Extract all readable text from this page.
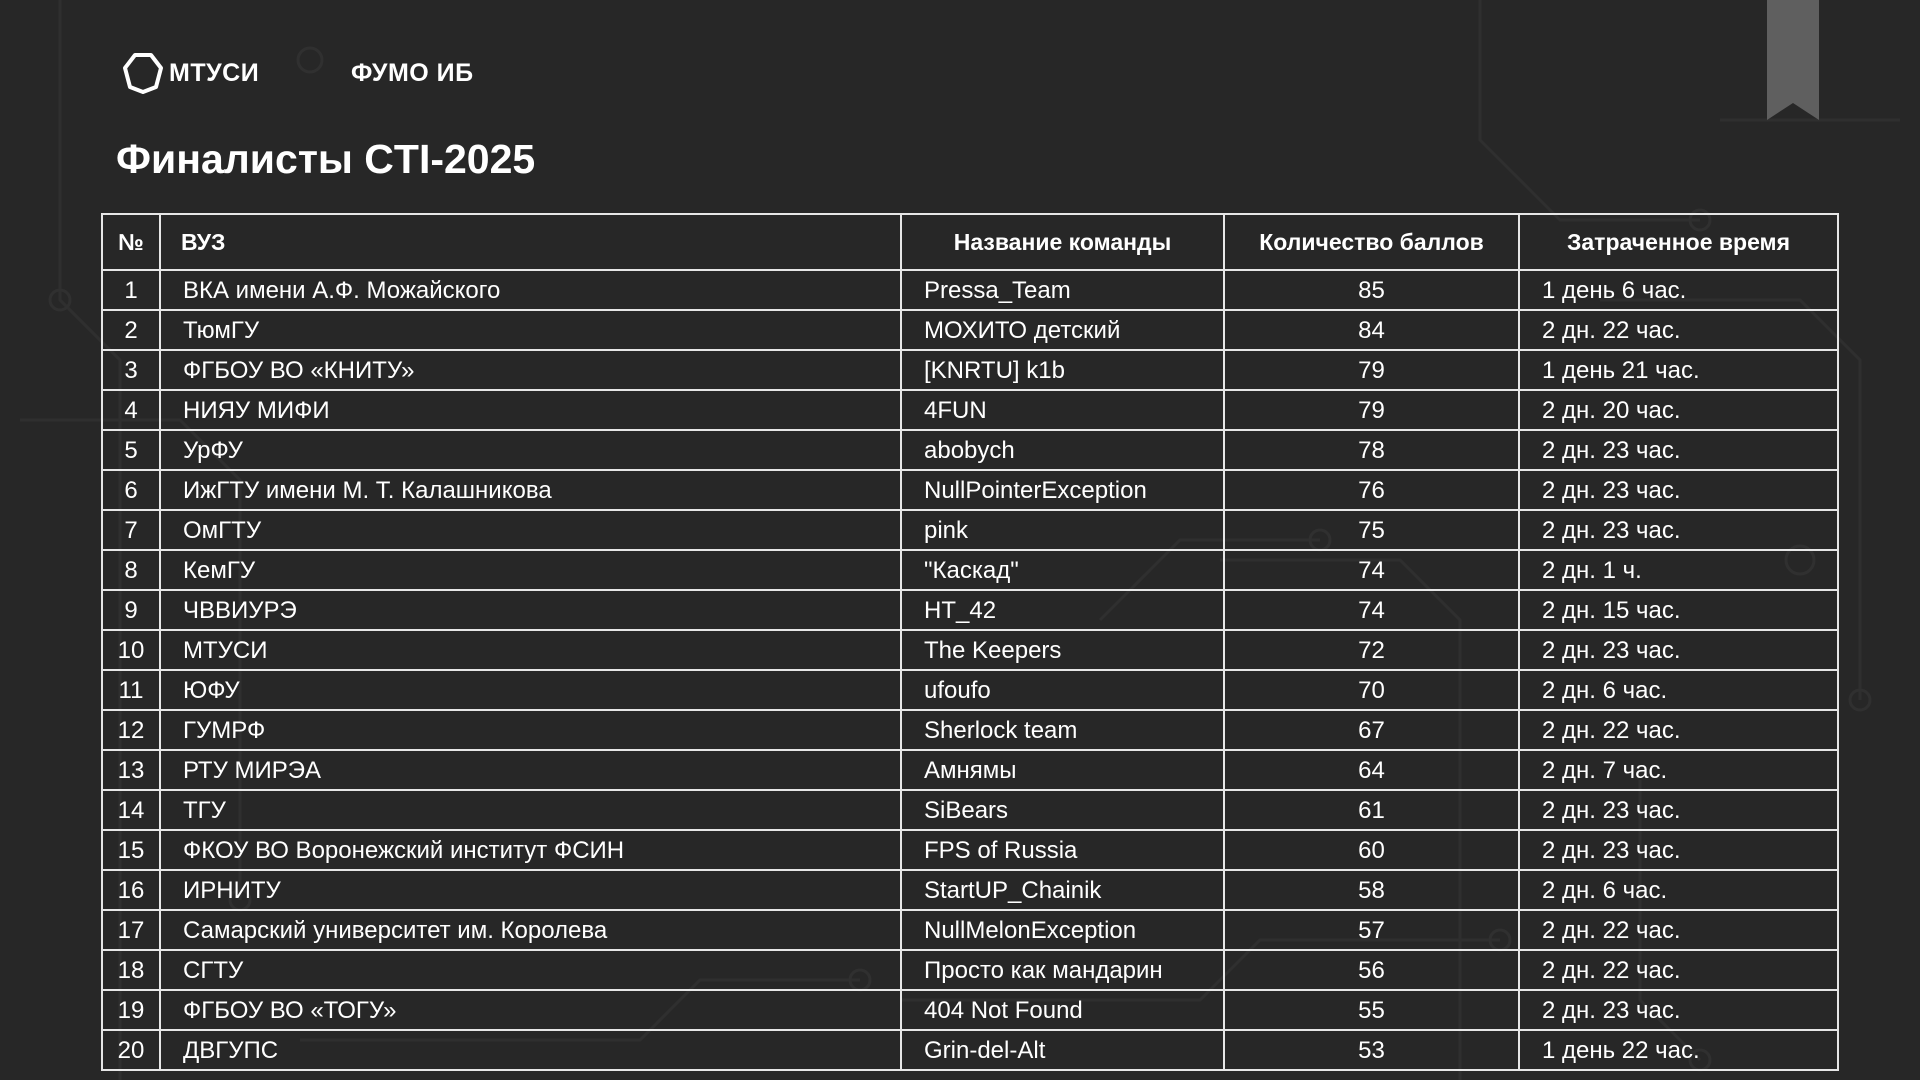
МТУСИ	ФУМО ИБ
Финалисты CTI-2025
№	ВУЗ	Название команды	Количество баллов	Затраченное время
1	ВКА имени А.Ф. Можайского	Pressa_Team	85	1 день 6 час.
2	ТюмГУ	МОХИТО детский	84	2 дн. 22 час.
3	ФГБОУ ВО «КНИТУ»	[KNRTU] k1b	79	1 день 21 час.
4	НИЯУ МИФИ	4FUN	79	2 дн. 20 час.
5	УрФУ	abobych	78	2 дн. 23 час.
6	ИжГТУ имени М. Т. Калашникова	NullPointerException	76	2 дн. 23 час.
7	ОмГТУ	pink	75	2 дн. 23 час.
8	КемГУ	"Каскад"	74	2 дн. 1 ч.
9	ЧВВИУРЭ	HT_42	74	2 дн. 15 час.
10	МТУСИ	The Keepers	72	2 дн. 23 час.
11	ЮФУ	ufoufo	70	2 дн. 6 час.
12	ГУМРФ	Sherlock team	67	2 дн. 22 час.
13	РТУ МИРЭА	Амнямы	64	2 дн. 7 час.
14	ТГУ	SiBears	61	2 дн. 23 час.
15	ФКОУ ВО Воронежский институт ФСИН	FPS of Russia	60	2 дн. 23 час.
16	ИРНИТУ	StartUP_Chainik	58	2 дн. 6 час.
17	Самарский университет им. Королева	NullMelonException	57	2 дн. 22 час.
18	СГТУ	Просто как мандарин	56	2 дн. 22 час.
19	ФГБОУ ВО «ТОГУ»	404 Not Found	55	2 дн. 23 час.
20	ДВГУПС	Grin-del-Alt	53	1 день 22 час.
